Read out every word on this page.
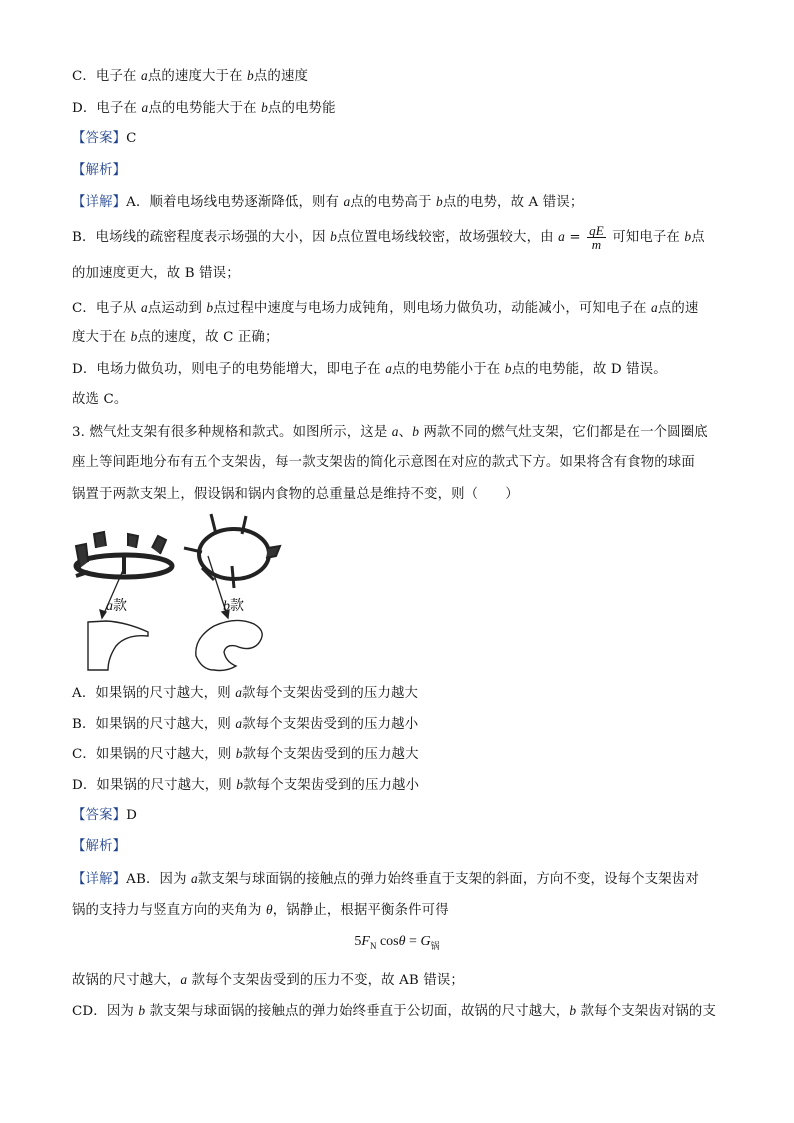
C．电子在 a点的速度大于在 b点的速度
D．电子在 a点的电势能大于在 b点的电势能
【答案】C
【解析】
【详解】A．顺着电场线电势逐渐降低，则有 a点的电势高于 b点的电势，故 A 错误；
B．电场线的疏密程度表示场强的大小，因 b点位置电场线较密，故场强较大，由 $a = \frac{qE}{m}$ 可知电子在 b点
的加速度更大，故 B 错误；
C．电子从 a点运动到 b点过程中速度与电场力成钝角，则电场力做负功，动能减小，可知电子在 a点的速
度大于在 b点的速度，故 C 正确；
D．电场力做负功，则电子的电势能增大，即电子在 a点的电势能小于在 b点的电势能，故 D 错误。
故选 C。
3. 燃气灶支架有很多种规格和款式。如图所示，这是 a、b 两款不同的燃气灶支架，它们都是在一个圆圈底
座上等间距地分布有五个支架齿，每一款支架齿的简化示意图在对应的款式下方。如果将含有食物的球面
锅置于两款支架上，假设锅和锅内食物的总重量总是维持不变，则（　　）
a款	b款
A．如果锅的尺寸越大，则 a款每个支架齿受到的压力越大
B．如果锅的尺寸越大，则 a款每个支架齿受到的压力越小
C．如果锅的尺寸越大，则 b款每个支架齿受到的压力越大
D．如果锅的尺寸越大，则 b款每个支架齿受到的压力越小
【答案】D
【解析】
【详解】AB．因为 a款支架与球面锅的接触点的弹力始终垂直于支架的斜面，方向不变，设每个支架齿对
锅的支持力与竖直方向的夹角为 θ，锅静止，根据平衡条件可得
$5F_N$ $\cos\theta = G_锅$
故锅的尺寸越大，a 款每个支架齿受到的压力不变，故 AB 错误；
CD．因为 b 款支架与球面锅的接触点的弹力始终垂直于公切面，故锅的尺寸越大，b 款每个支架齿对锅的支
